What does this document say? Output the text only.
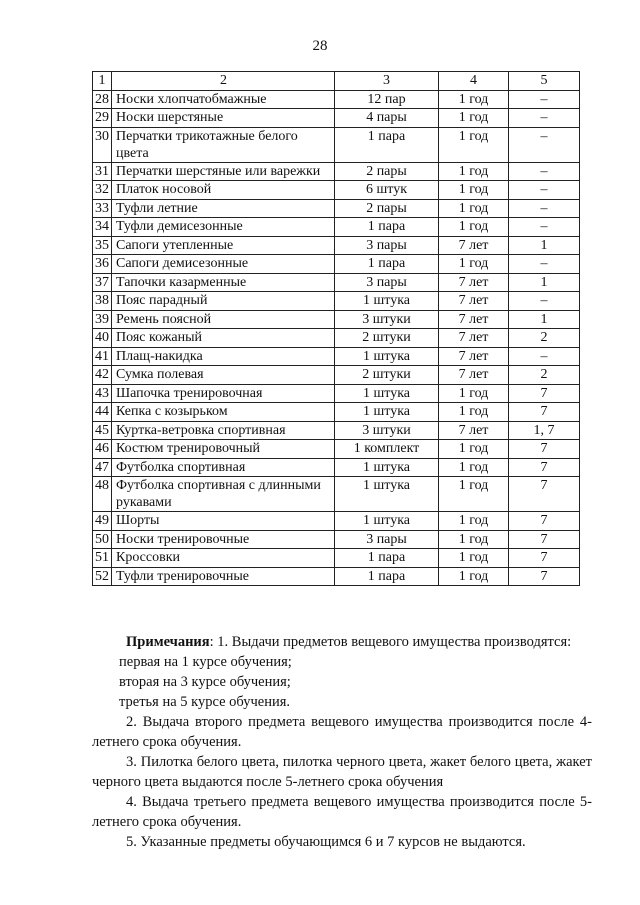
28
1	2	3	4	5
28	Носки хлопчатобмажные	12 пар	1 год	–
29	Носки шерстяные	4 пары	1 год	–
30	Перчатки трикотажные белого цвета	1 пара	1 год	–
31	Перчатки шерстяные или варежки	2 пары	1 год	–
32	Платок носовой	6 штук	1 год	–
33	Туфли летние	2 пары	1 год	–
34	Туфли демисезонные	1 пара	1 год	–
35	Сапоги утепленные	3 пары	7 лет	1
36	Сапоги демисезонные	1 пара	1 год	–
37	Тапочки казарменные	3 пары	7 лет	1
38	Пояс парадный	1 штука	7 лет	–
39	Ремень поясной	3 штуки	7 лет	1
40	Пояс кожаный	2 штуки	7 лет	2
41	Плащ-накидка	1 штука	7 лет	–
42	Сумка полевая	2 штуки	7 лет	2
43	Шапочка тренировочная	1 штука	1 год	7
44	Кепка с козырьком	1 штука	1 год	7
45	Куртка-ветровка спортивная	3 штуки	7 лет	1, 7
46	Костюм тренировочный	1 комплект	1 год	7
47	Футболка спортивная	1 штука	1 год	7
48	Футболка спортивная с длинными рукавами	1 штука	1 год	7
49	Шорты	1 штука	1 год	7
50	Носки тренировочные	3 пары	1 год	7
51	Кроссовки	1 пара	1 год	7
52	Туфли тренировочные	1 пара	1 год	7

Примечания: 1. Выдачи предметов вещевого имущества производятся:

первая на 1 курсе обучения;

вторая на 3 курсе обучения;

третья на 5 курсе обучения.

2. Выдача второго предмета вещевого имущества производится после 4-летнего срока обучения.

3. Пилотка белого цвета, пилотка черного цвета, жакет белого цвета, жакет черного цвета выдаются после 5-летнего срока обучения

4. Выдача третьего предмета вещевого имущества производится после 5-летнего срока обучения.

5. Указанные предметы обучающимся 6 и 7 курсов не выдаются.
